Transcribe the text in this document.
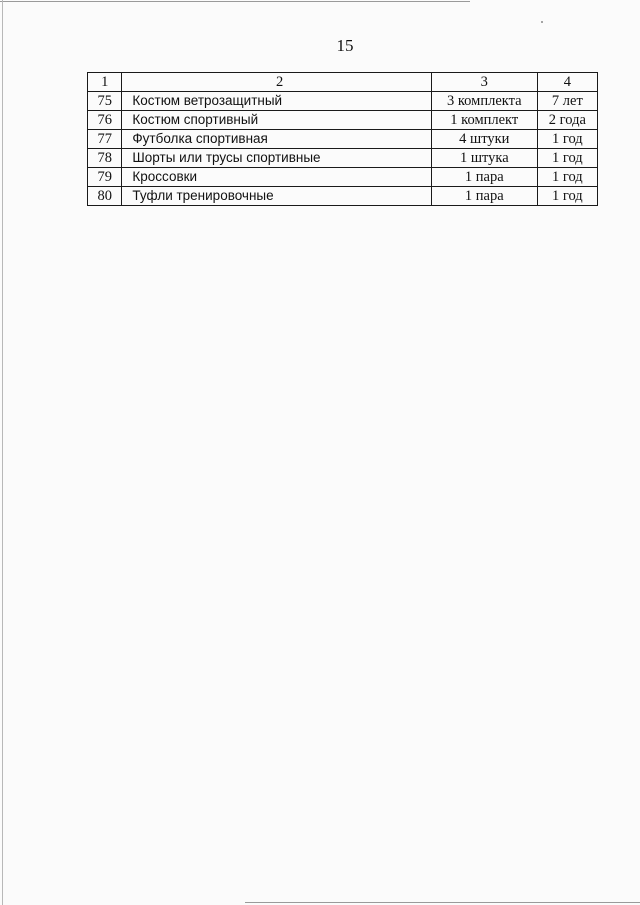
15
1	2	3	4
75	Костюм ветрозащитный	3 комплекта	7 лет
76	Костюм спортивный	1 комплект	2 года
77	Футболка спортивная	4 штуки	1 год
78	Шорты или трусы спортивные	1 штука	1 год
79	Кроссовки	1 пара	1 год
80	Туфли тренировочные	1 пара	1 год
